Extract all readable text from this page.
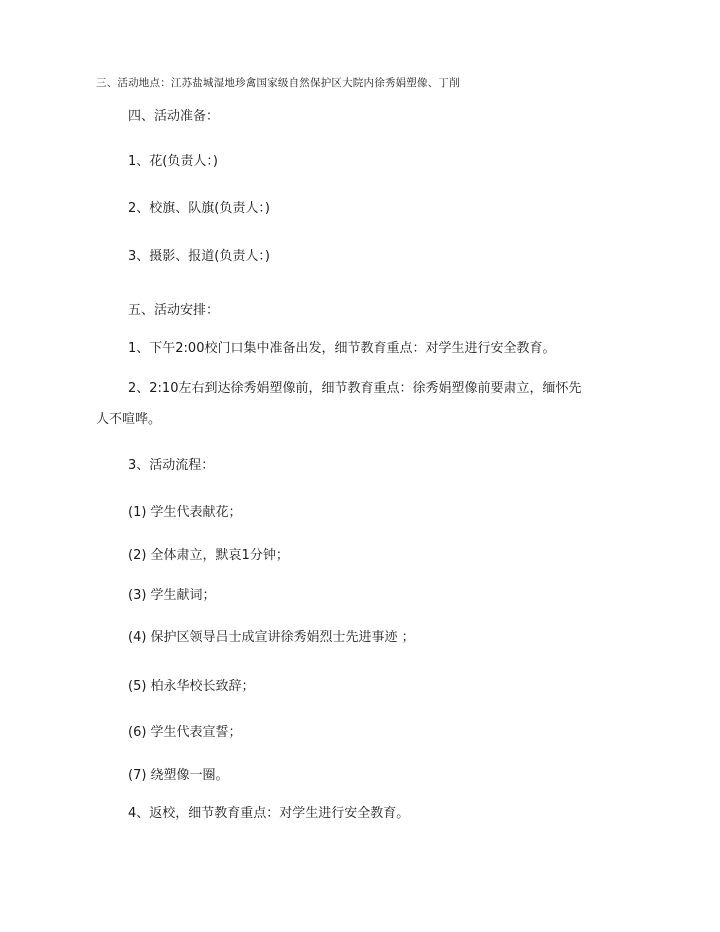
三、活动地点：江苏盐城湿地珍禽国家级自然保护区大院内徐秀娟塑像、丁削
四、活动准备：
1、花(负责人：)
2、校旗、队旗(负责人：)
3、摄影、报道(负责人：)
五、活动安排：
1、下午2:00校门口集中准备出发，细节教育重点：对学生进行安全教育。
2、2:10左右到达徐秀娟塑像前，细节教育重点：徐秀娟塑像前要肃立，缅怀先
人不喧哗。
3、活动流程：
(1) 学生代表献花；
(2) 全体肃立，默哀1分钟；
(3) 学生献词；
(4) 保护区领导吕士成宣讲徐秀娟烈士先进事迹 ；
(5) 柏永华校长致辞；
(6) 学生代表宣誓；
(7) 绕塑像一圈。
4、返校，细节教育重点：对学生进行安全教育。
